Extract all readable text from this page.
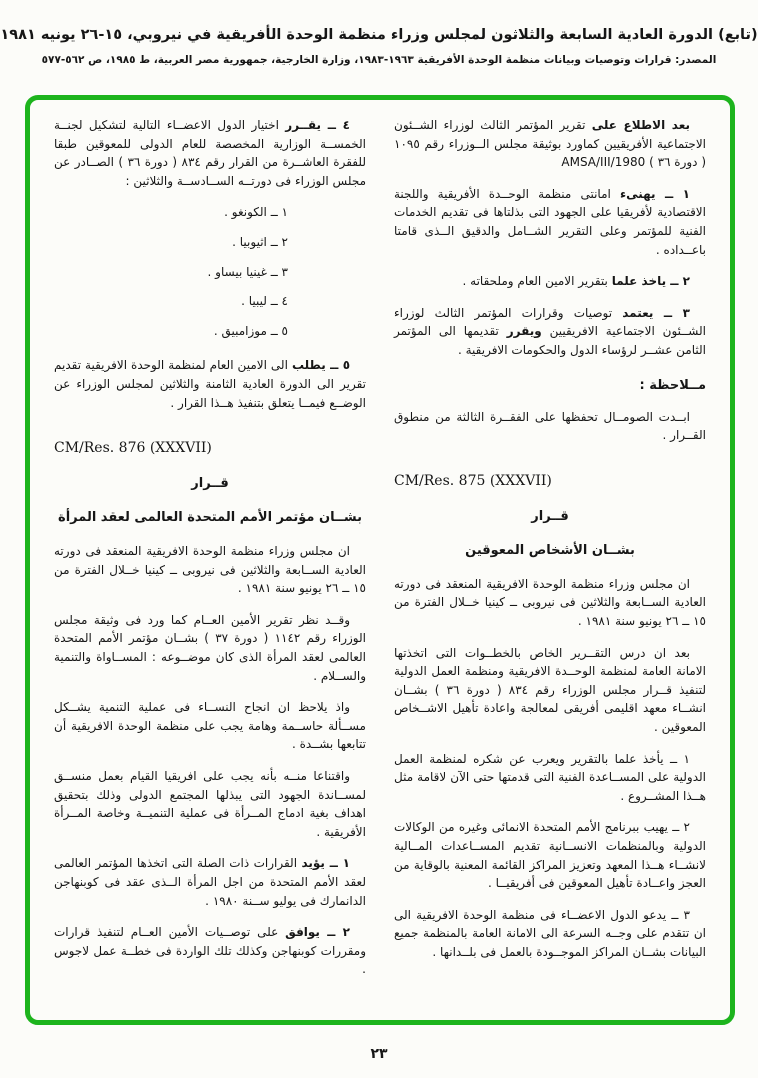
(تابع) الدورة العادية السابعة والثلاثون لمجلس وزراء منظمة الوحدة الأفريقية في نيروبي، ١٥-٢٦ يونيه ١٩٨١
المصدر: قرارات وتوصيات وبيانات منظمة الوحدة الأفريقية ١٩٦٣-١٩٨٣، وزارة الخارجية، جمهورية مصر العربية، ط ١٩٨٥، ص ٥٦٢-٥٧٧

بعد الاطلاع على تقرير المؤتمر الثالث لوزراء الشــئون الاجتماعية الأفريقيين كماورد بوثيقة مجلس الــوزراء رقم ١٠٩٥ ( دورة ٣٦ ) AMSA/III/1980

١ ــ يهنىء امانتى منظمة الوحــدة الأفريقية واللجنة الاقتصادية لأفريقيا على الجهود التى بذلتاها فى تقديم الخدمات الفنية للمؤتمر وعلى التقرير الشــامل والدقيق الــذى قامتا باعــداده .

٢ ــ ياخذ علما بتقرير الامين العام وملحقاته .

٣ ــ يعتمد توصيات وقرارات المؤتمر الثالث لوزراء الشــئون الاجتماعية الافريقيين ويقرر تقديمها الى المؤتمر الثامن عشــر لرؤساء الدول والحكومات الافريقية .

مــلاحظة :

ابــدت الصومــال تحفظها على الفقــرة الثالثة من منطوق القــرار .

CM/Res. 875 (XXXVII)
قــرار
بشــان الأشخاص المعوقين

ان مجلس وزراء منظمة الوحدة الافريقية المنعقد فى دورته العادية الســابعة والثلاثين فى نيروبى ــ كينيا خــلال الفترة من ١٥ ــ ٢٦ يونيو سنة ١٩٨١ .

بعد ان درس التقــرير الخاص بالخطــوات التى اتخذتها الامانة العامة لمنظمة الوحــدة الافريقية ومنظمة العمل الدولية لتنفيذ قــرار مجلس الوزراء رقم ٨٣٤ ( دورة ٣٦ ) بشــان انشــاء معهد اقليمى أفريقى لمعالجة واعادة تأهيل الاشــخاص المعوقين .

١ ــ يأخذ علما بالتقرير ويعرب عن شكره لمنظمة العمل الدولية على المســاعدة الفنية التى قدمتها حتى الآن لاقامة مثل هــذا المشــروع .

٢ ــ يهيب ببرنامج الأمم المتحدة الانمائى وغيره من الوكالات الدولية وبالمنظمات الانســانية تقديم المســاعدات المــالية لانشــاء هــذا المعهد وتعزيز المراكز القائمة المعنية بالوقاية من العجز واعــادة تأهيل المعوقين فى أفريقيــا .

٣ ــ يدعو الدول الاعضــاء فى منظمة الوحدة الافريقية الى ان تتقدم على وجــه السرعة الى الامانة العامة بالمنظمة جميع البيانات بشــان المراكز الموجــودة بالعمل فى بلــدانها .

٤ ــ يقــرر اختيار الدول الاعضــاء التالية لتشكيل لجنــة الخمســة الوزارية المخصصة للعام الدولى للمعوقين طبقا للفقرة العاشــرة من القرار رقم ٨٣٤ ( دورة ٣٦ ) الصــادر عن مجلس الوزراء فى دورتــه الســادســة والثلاثين :

١ ــ الكونغو .
٢ ــ اثيوبيا .
٣ ــ غينيا بيساو .
٤ ــ ليبيا .
٥ ــ موزامبيق .

٥ ــ يطلب الى الامين العام لمنظمة الوحدة الافريقية تقديم تقرير الى الدورة العادية الثامنة والثلاثين لمجلس الوزراء عن الوضــع فيمــا يتعلق بتنفيذ هــذا القرار .

CM/Res. 876 (XXXVII)
قــرار
بشــان مؤتمر الأمم المتحدة العالمى لعقد المرأة

ان مجلس وزراء منظمة الوحدة الافريقية المنعقد فى دورته العادية الســابعة والثلاثين فى نيروبى ــ كينيا خــلال الفترة من ١٥ ــ ٢٦ يونيو سنة ١٩٨١ .

وقــد نظر تقرير الأمين العــام كما ورد فى وثيقة مجلس الوزراء رقم ١١٤٢ ( دورة ٣٧ ) بشــان مؤتمر الأمم المتحدة العالمى لعقد المرأة الذى كان موضــوعه : المســاواة والتنمية والســلام .

واذ يلاحظ ان انجاح النســاء فى عملية التنمية يشــكل مســألة حاســمة وهامة يجب على منظمة الوحدة الافريقية أن تتابعها بشــدة .

واقتناعا منــه بأنه يجب على افريقيا القيام بعمل منســق لمســاندة الجهود التى يبذلها المجتمع الدولى وذلك بتحقيق اهداف بغية ادماج المــرأة فى عملية التنميــة وخاصة المــرأة الأفريقية .

١ ــ يؤيد القرارات ذات الصلة التى اتخذها المؤتمر العالمى لعقد الأمم المتحدة من اجل المرأة الــذى عقد فى كوبنهاجن الدانمارك فى يوليو ســنة ١٩٨٠ .

٢ ــ يوافق على توصــيات الأمين العــام لتنفيذ قرارات ومقررات كوبنهاجن وكذلك تلك الواردة فى خطــة عمل لاجوس .

٢٣
